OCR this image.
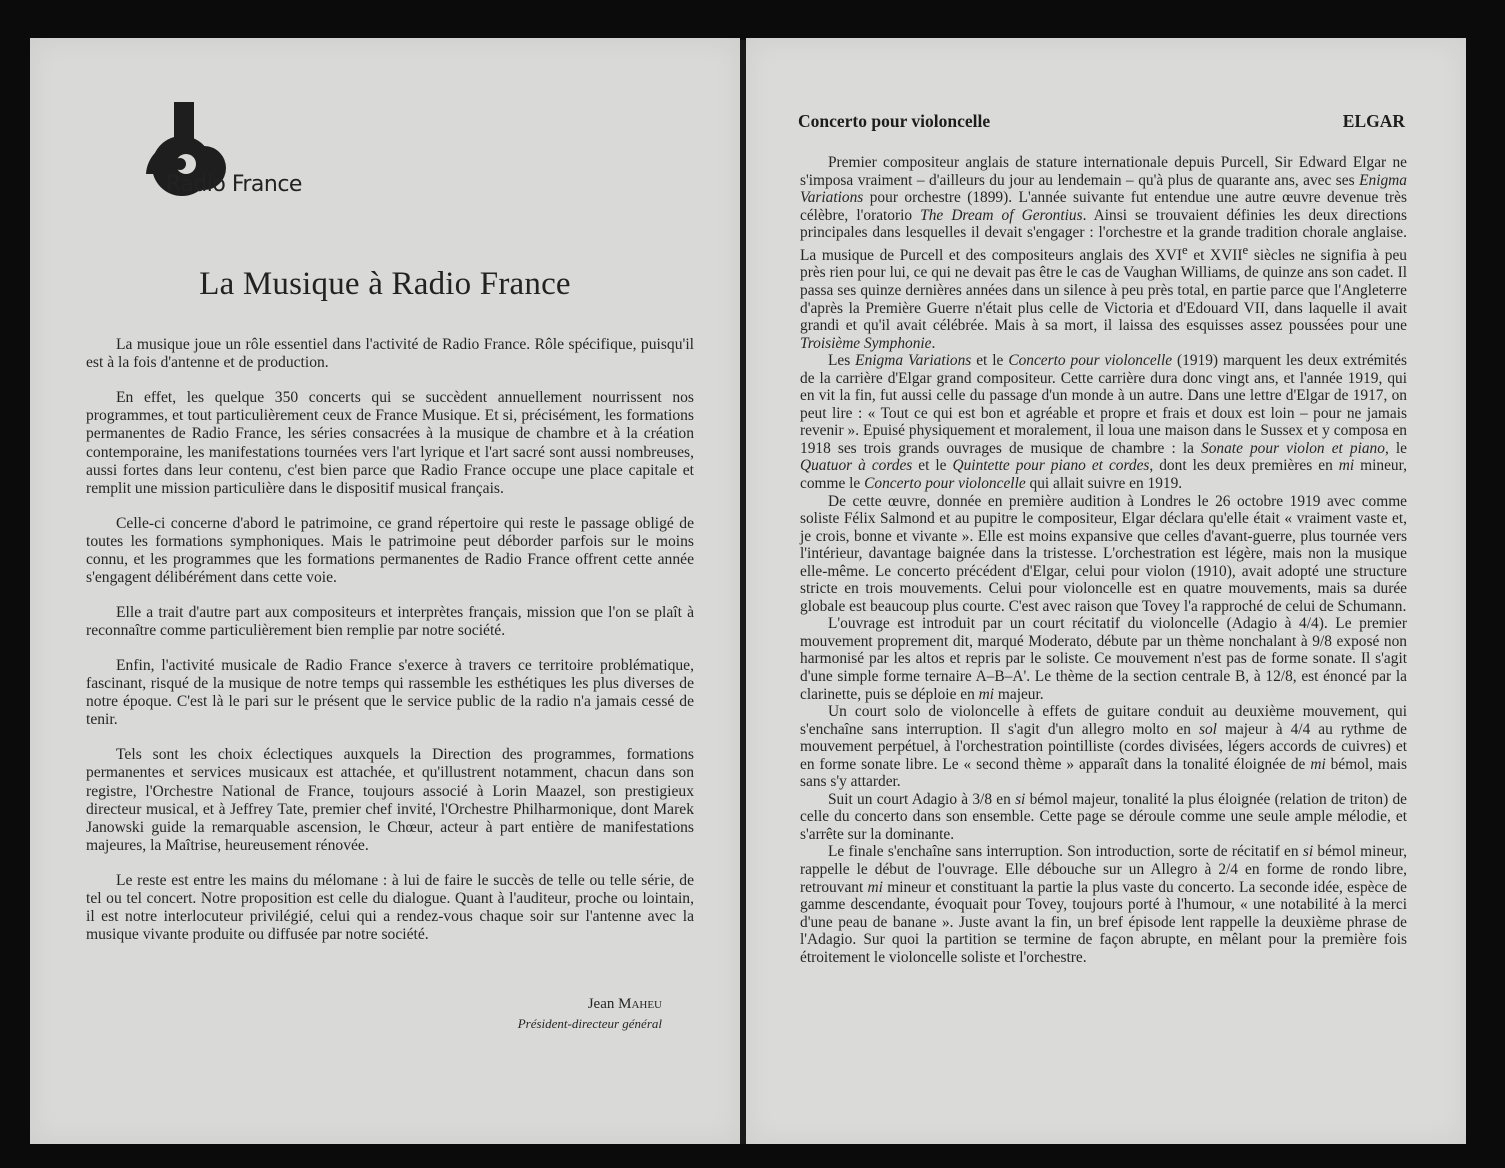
Radio France
La Musique à Radio France

La musique joue un rôle essentiel dans l'activité de Radio France. Rôle spécifique, puisqu'il est à la fois d'antenne et de production.

En effet, les quelque 350 concerts qui se succèdent annuellement nourrissent nos programmes, et tout particulièrement ceux de France Musique. Et si, précisément, les formations permanentes de Radio France, les séries consacrées à la musique de chambre et à la création contemporaine, les manifestations tournées vers l'art lyrique et l'art sacré sont aussi nombreuses, aussi fortes dans leur contenu, c'est bien parce que Radio France occupe une place capitale et remplit une mission particulière dans le dispositif musical français.

Celle-ci concerne d'abord le patrimoine, ce grand répertoire qui reste le passage obligé de toutes les formations symphoniques. Mais le patrimoine peut déborder parfois sur le moins connu, et les programmes que les formations permanentes de Radio France offrent cette année s'engagent délibérément dans cette voie.

Elle a trait d'autre part aux compositeurs et interprètes français, mission que l'on se plaît à reconnaître comme particulièrement bien remplie par notre société.

Enfin, l'activité musicale de Radio France s'exerce à travers ce territoire problématique, fascinant, risqué de la musique de notre temps qui rassemble les esthétiques les plus diverses de notre époque. C'est là le pari sur le présent que le service public de la radio n'a jamais cessé de tenir.

Tels sont les choix éclectiques auxquels la Direction des programmes, formations permanentes et services musicaux est attachée, et qu'illustrent notamment, chacun dans son registre, l'Orchestre National de France, toujours associé à Lorin Maazel, son prestigieux directeur musical, et à Jeffrey Tate, premier chef invité, l'Orchestre Philharmonique, dont Marek Janowski guide la remarquable ascension, le Chœur, acteur à part entière de manifestations majeures, la Maîtrise, heureusement rénovée.

Le reste est entre les mains du mélomane : à lui de faire le succès de telle ou telle série, de tel ou tel concert. Notre proposition est celle du dialogue. Quant à l'auditeur, proche ou lointain, il est notre interlocuteur privilégié, celui qui a rendez-vous chaque soir sur l'antenne avec la musique vivante produite ou diffusée par notre société.

Jean Maheu
Président-directeur général
Concerto pour violoncelle	ELGAR

Premier compositeur anglais de stature internationale depuis Purcell, Sir Edward Elgar ne s'imposa vraiment – d'ailleurs du jour au lendemain – qu'à plus de quarante ans, avec ses Enigma Variations pour orchestre (1899). L'année suivante fut entendue une autre œuvre devenue très célèbre, l'oratorio The Dream of Gerontius. Ainsi se trouvaient définies les deux directions principales dans lesquelles il devait s'engager : l'orchestre et la grande tradition chorale anglaise. La musique de Purcell et des compositeurs anglais des XVIe et XVIIe siècles ne signifia à peu près rien pour lui, ce qui ne devait pas être le cas de Vaughan Williams, de quinze ans son cadet. Il passa ses quinze dernières années dans un silence à peu près total, en partie parce que l'Angleterre d'après la Première Guerre n'était plus celle de Victoria et d'Edouard VII, dans laquelle il avait grandi et qu'il avait célébrée. Mais à sa mort, il laissa des esquisses assez poussées pour une Troisième Symphonie.

Les Enigma Variations et le Concerto pour violoncelle (1919) marquent les deux extrémités de la carrière d'Elgar grand compositeur. Cette carrière dura donc vingt ans, et l'année 1919, qui en vit la fin, fut aussi celle du passage d'un monde à un autre. Dans une lettre d'Elgar de 1917, on peut lire : « Tout ce qui est bon et agréable et propre et frais et doux est loin – pour ne jamais revenir ». Epuisé physiquement et moralement, il loua une maison dans le Sussex et y composa en 1918 ses trois grands ouvrages de musique de chambre : la Sonate pour violon et piano, le Quatuor à cordes et le Quintette pour piano et cordes, dont les deux premières en mi mineur, comme le Concerto pour violoncelle qui allait suivre en 1919.

De cette œuvre, donnée en première audition à Londres le 26 octobre 1919 avec comme soliste Félix Salmond et au pupitre le compositeur, Elgar déclara qu'elle était « vraiment vaste et, je crois, bonne et vivante ». Elle est moins expansive que celles d'avant-guerre, plus tournée vers l'intérieur, davantage baignée dans la tristesse. L'orchestration est légère, mais non la musique elle-même. Le concerto précédent d'Elgar, celui pour violon (1910), avait adopté une structure stricte en trois mouvements. Celui pour violoncelle est en quatre mouvements, mais sa durée globale est beaucoup plus courte. C'est avec raison que Tovey l'a rapproché de celui de Schumann.

L'ouvrage est introduit par un court récitatif du violoncelle (Adagio à 4/4). Le premier mouvement proprement dit, marqué Moderato, débute par un thème nonchalant à 9/8 exposé non harmonisé par les altos et repris par le soliste. Ce mouvement n'est pas de forme sonate. Il s'agit d'une simple forme ternaire A–B–A'. Le thème de la section centrale B, à 12/8, est énoncé par la clarinette, puis se déploie en mi majeur.

Un court solo de violoncelle à effets de guitare conduit au deuxième mouvement, qui s'enchaîne sans interruption. Il s'agit d'un allegro molto en sol majeur à 4/4 au rythme de mouvement perpétuel, à l'orchestration pointilliste (cordes divisées, légers accords de cuivres) et en forme sonate libre. Le « second thème » apparaît dans la tonalité éloignée de mi bémol, mais sans s'y attarder.

Suit un court Adagio à 3/8 en si bémol majeur, tonalité la plus éloignée (relation de triton) de celle du concerto dans son ensemble. Cette page se déroule comme une seule ample mélodie, et s'arrête sur la dominante.

Le finale s'enchaîne sans interruption. Son introduction, sorte de récitatif en si bémol mineur, rappelle le début de l'ouvrage. Elle débouche sur un Allegro à 2/4 en forme de rondo libre, retrouvant mi mineur et constituant la partie la plus vaste du concerto. La seconde idée, espèce de gamme descendante, évoquait pour Tovey, toujours porté à l'humour, « une notabilité à la merci d'une peau de banane ». Juste avant la fin, un bref épisode lent rappelle la deuxième phrase de l'Adagio. Sur quoi la partition se termine de façon abrupte, en mêlant pour la première fois étroitement le violoncelle soliste et l'orchestre.
